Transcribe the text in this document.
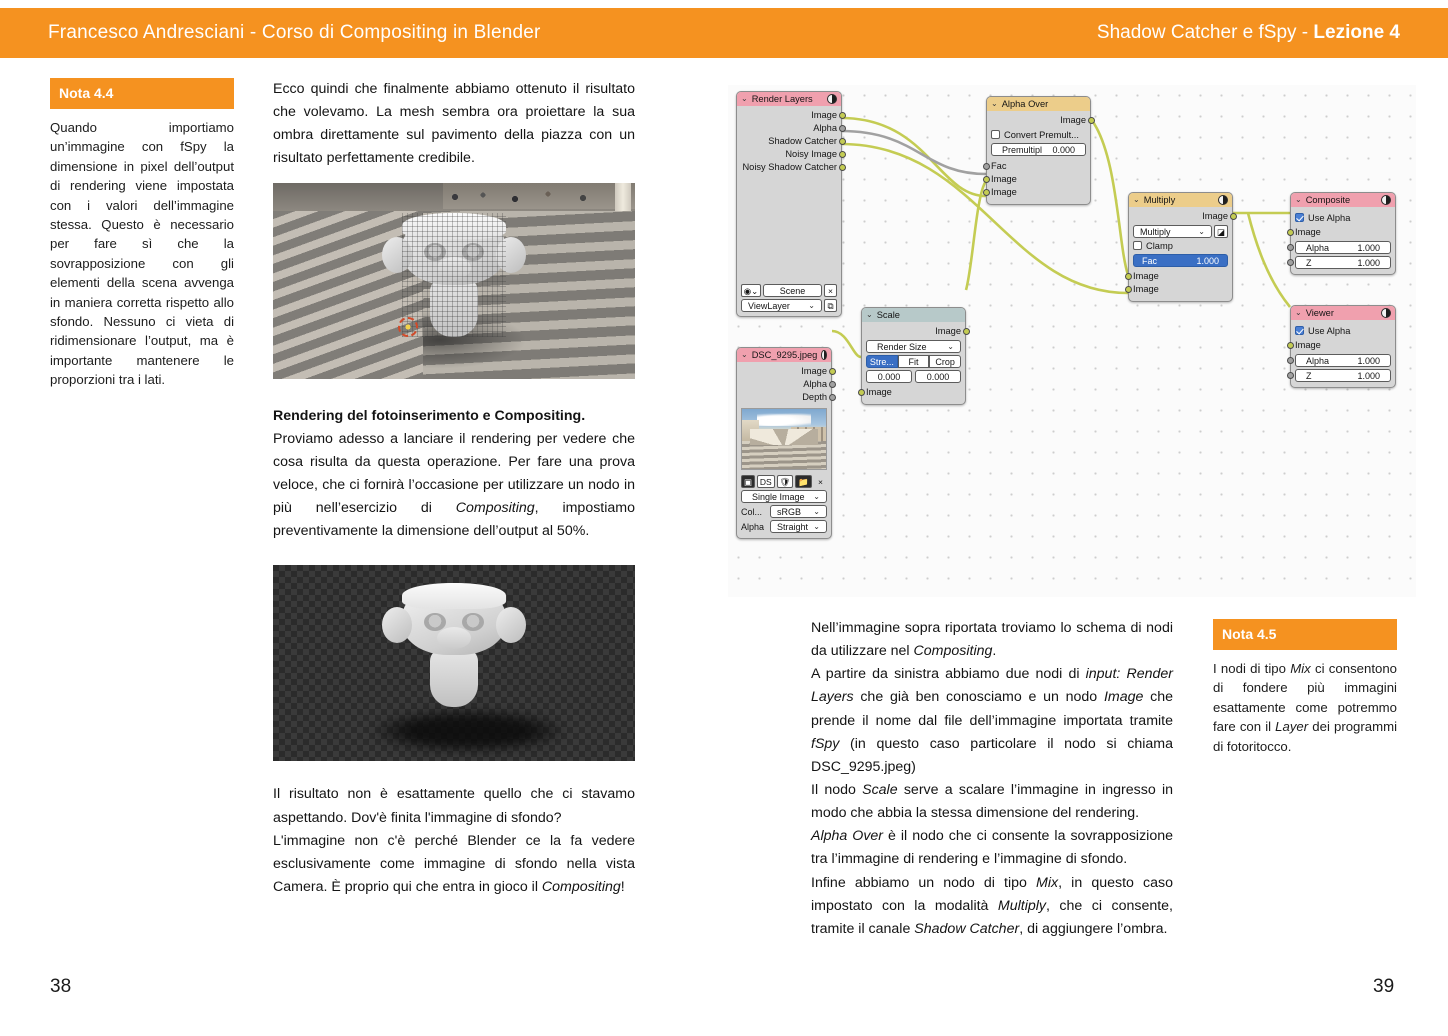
Francesco Andresciani - Corso di Compositing in Blender	Shadow Catcher e fSpy - Lezione 4
Nota 4.4
Quando importiamo un’immagine con fSpy la dimensione in pixel dell’output di rendering viene impostata con i valori dell’immagine stessa. Questo è necessario per fare sì che la sovrapposizione con gli elementi della scena avvenga in maniera corretta rispetto allo sfondo. Nessuno ci vieta di ridimensionare l’output, ma è importante mantenere le proporzioni tra i lati.
Ecco quindi che finalmente abbiamo ottenuto il risultato che volevamo. La mesh sembra ora proiettare la sua ombra direttamente sul pavimento della piazza con un risultato perfettamente credibile.
Rendering del fotoinserimento e Compositing.
Proviamo adesso a lanciare il rendering per vedere che cosa risulta da questa operazione. Per fare una prova veloce, che ci fornirà l’occasione per utilizzare un nodo in più nell’esercizio di Compositing, impostiamo preventivamente la dimensione dell’output al 50%.
Il risultato non è esattamente quello che ci stavamo aspettando. Dov'è finita l'immagine di sfondo?
L'immagine non c'è perché Blender ce la fa vedere esclusivamente come immagine di sfondo nella vista Camera. È proprio qui che entra in gioco il Compositing!
⌄ Render Layers
Image
Alpha
Shadow Catcher
Noisy Image
Noisy Shadow Catcher
◉⌄	Scene	×
ViewLayer ⌄	⧉
⌄ DSC_9295.jpeg
Image
Alpha
Depth
▣ DS 🛡 📁	×
Single Image ⌄
Col...	sRGB ⌄
Alpha	Straight ⌄
⌄ Scale
Image
Render Size	⌄
Stre...	Fit	Crop
0.000	0.000
Image
⌄ Alpha Over
Image
Convert Premult...
Premultipl 0.000
Fac
Image
Image
⌄ Multiply
Image
Multiply	⌄	◪
Clamp
Fac	1.000
Image
Image
⌄ Composite
Use Alpha
Image
Alpha	1.000
Z	1.000
⌄ Viewer
Use Alpha
Image
Alpha	1.000
Z	1.000
Nota 4.5
I nodi di tipo Mix ci consentono di fondere più immagini esattamente come potremmo fare con il Layer dei programmi di fotoritocco.
Nell’immagine sopra riportata troviamo lo schema di nodi da utilizzare nel Compositing.
A partire da sinistra abbiamo due nodi di input: Render Layers che già ben conosciamo e un nodo Image che prende il nome dal file dell’immagine importata tramite fSpy (in questo caso particolare il nodo si chiama DSC_9295.jpeg)
Il nodo Scale serve a scalare l’immagine in ingresso in modo che abbia la stessa dimensione del rendering.
Alpha Over è il nodo che ci consente la sovrapposizione tra l’immagine di rendering e l’immagine di sfondo.
Infine abbiamo un nodo di tipo Mix, in questo caso impostato con la modalità Multiply, che ci consente, tramite il canale Shadow Catcher, di aggiungere l’ombra.
38	39
